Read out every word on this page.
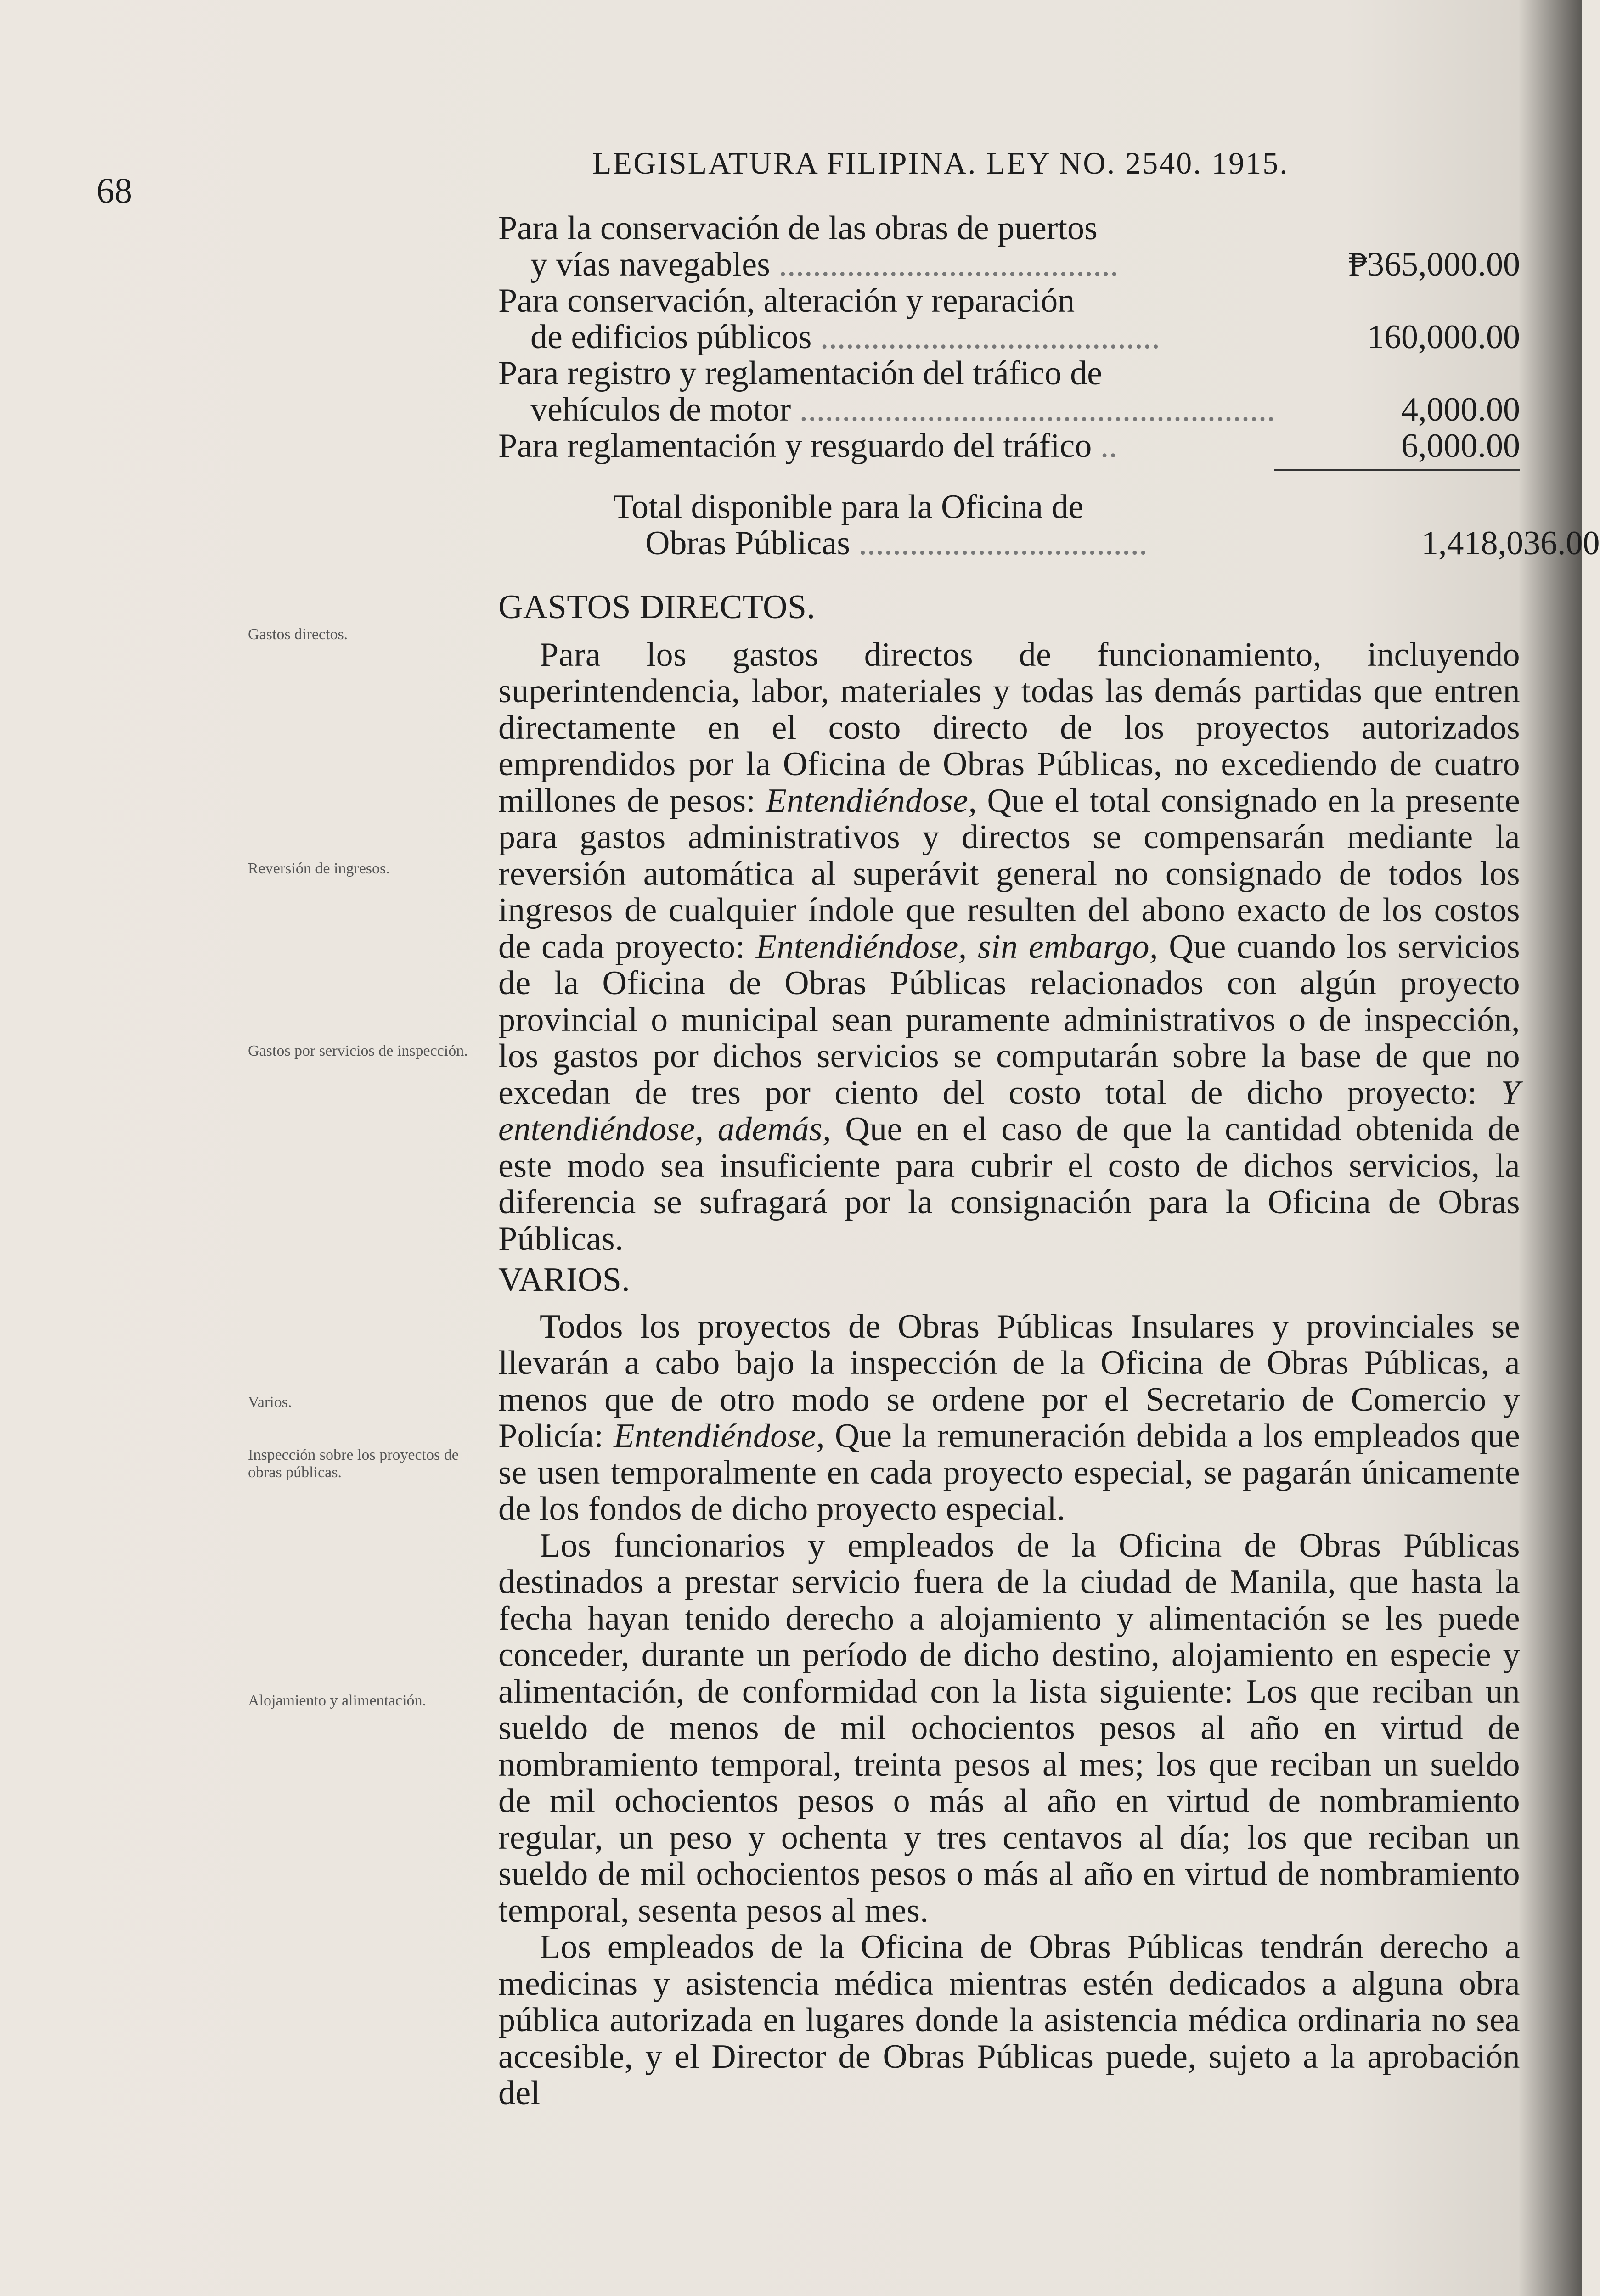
68
LEGISLATURA FILIPINA. LEY NO. 2540. 1915.
Gastos directos.
Reversión de ingresos.
Gastos por servicios de inspección.
Varios.
Inspección sobre los proyectos de obras públicas.
Alojamiento y alimentación.
Para la conservación de las obras de puertos
y vías navegables ........................................	₱365,000.00
Para conservación, alteración y reparación
de edificios públicos ........................................	160,000.00
Para registro y reglamentación del tráfico de
vehículos de motor ........................................................	4,000.00
Para reglamentación y resguardo del tráfico ..	6,000.00
Total disponible para la Oficina de
Obras Públicas ..................................	1,418,036.00

GASTOS DIRECTOS.

Para los gastos directos de funcionamiento, incluyendo superintendencia, labor, materiales y todas las demás partidas que entren directamente en el costo directo de los proyectos autorizados emprendidos por la Oficina de Obras Públicas, no excediendo de cuatro millones de pesos: Entendiéndose, Que el total consignado en la presente para gastos administrativos y directos se compensarán mediante la reversión automática al superávit general no consignado de todos los ingresos de cualquier índole que resulten del abono exacto de los costos de cada proyecto: Entendiéndose, sin embargo, Que cuando los servicios de la Oficina de Obras Públicas relacionados con algún proyecto provincial o municipal sean puramente administrativos o de inspección, los gastos por dichos servicios se computarán sobre la base de que no excedan de tres por ciento del costo total de dicho proyecto: Y entendiéndose, además, Que en el caso de que la cantidad obtenida de este modo sea insuficiente para cubrir el costo de dichos servicios, la diferencia se sufragará por la consignación para la Oficina de Obras Públicas.

VARIOS.

Todos los proyectos de Obras Públicas Insulares y provinciales se llevarán a cabo bajo la inspección de la Oficina de Obras Públicas, a menos que de otro modo se ordene por el Secretario de Comercio y Policía: Entendiéndose, Que la remuneración debida a los empleados que se usen temporalmente en cada proyecto especial, se pagarán únicamente de los fondos de dicho proyecto especial.

Los funcionarios y empleados de la Oficina de Obras Públicas destinados a prestar servicio fuera de la ciudad de Manila, que hasta la fecha hayan tenido derecho a alojamiento y alimentación se les puede conceder, durante un período de dicho destino, alojamiento en especie y alimentación, de conformidad con la lista siguiente: Los que reciban un sueldo de menos de mil ochocientos pesos al año en virtud de nombramiento temporal, treinta pesos al mes; los que reciban un sueldo de mil ochocientos pesos o más al año en virtud de nombramiento regular, un peso y ochenta y tres centavos al día; los que reciban un sueldo de mil ochocientos pesos o más al año en virtud de nombramiento temporal, sesenta pesos al mes.

Los empleados de la Oficina de Obras Públicas tendrán derecho a medicinas y asistencia médica mientras estén dedicados a alguna obra pública autorizada en lugares donde la asistencia médica ordinaria no sea accesible, y el Director de Obras Públicas puede, sujeto a la aprobación del
